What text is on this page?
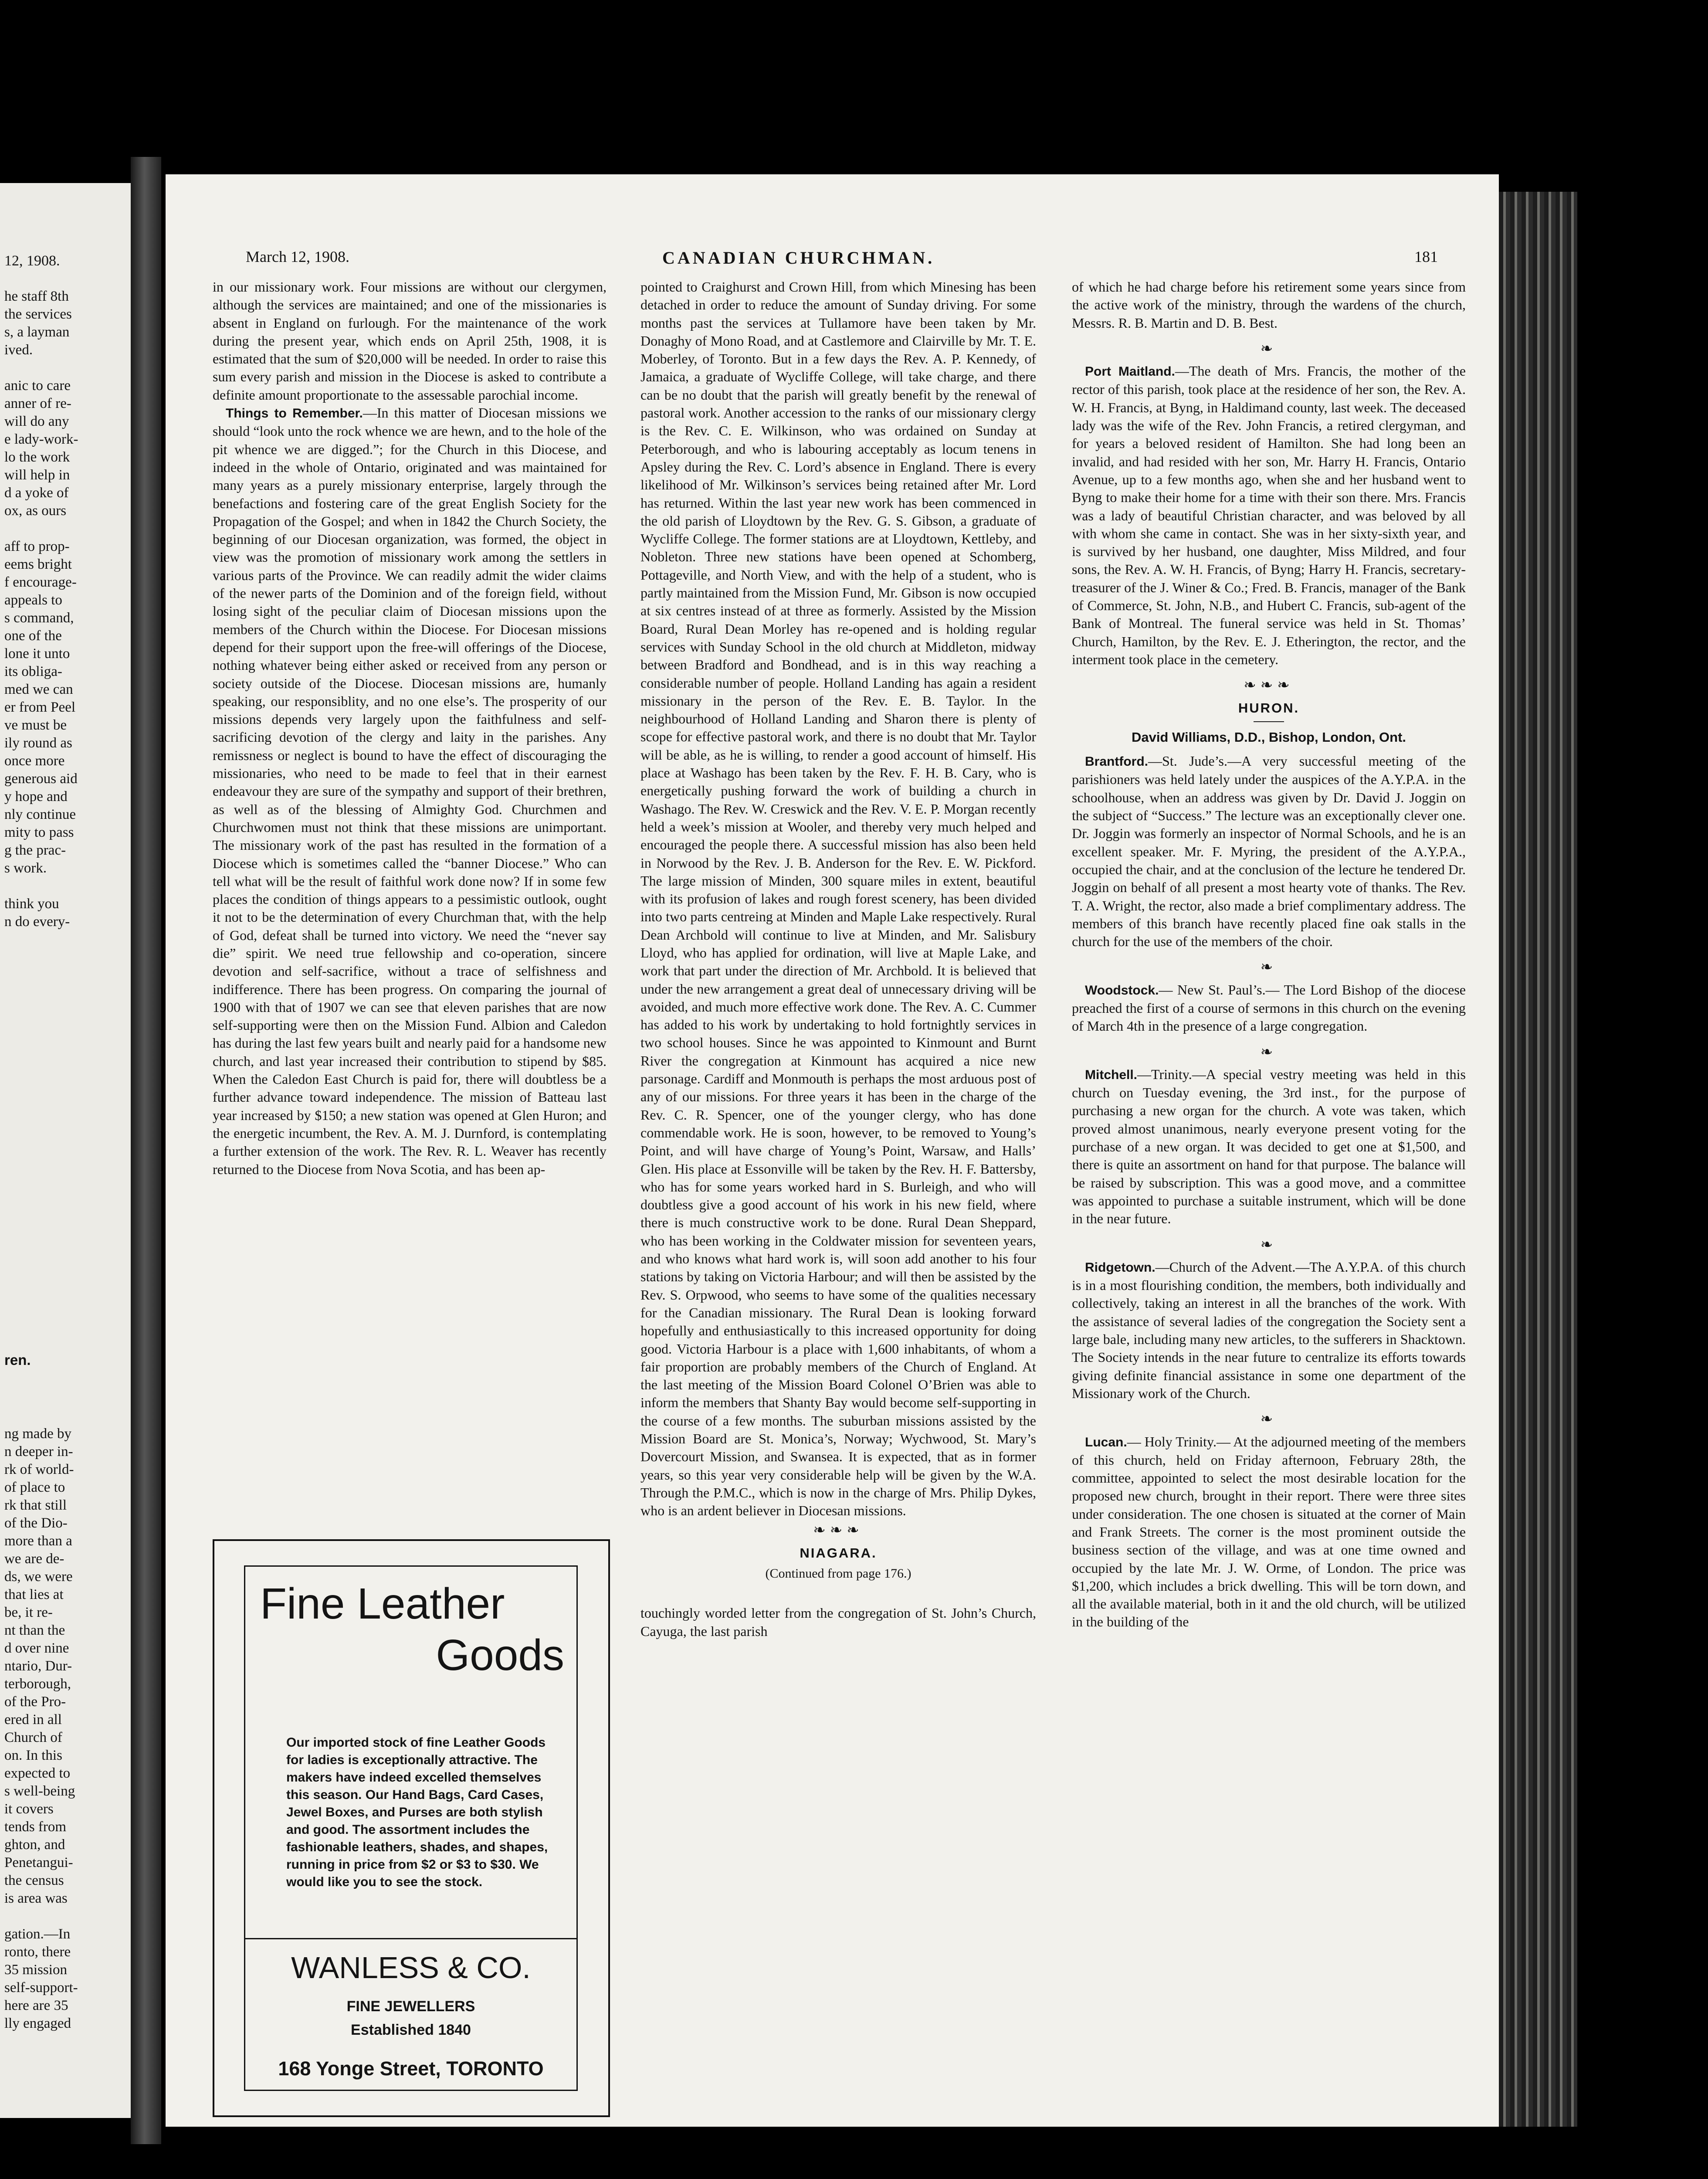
12, 1908.
he staff 8th
the services
s, a layman
ived.

anic to care
anner of re-
will do any
e lady-work-
lo the work
will help in
d a yoke of
ox, as ours

aff to prop-
eems bright
f encourage-
appeals to
s command,
one of the
lone it unto
its obliga-
med we can
er from Peel
ve must be
ily round as
once more
generous aid
y hope and
nly continue
mity to pass
g the prac-
s work.

think you
n do every-
ren.
ng made by
n deeper in-
rk of world-
of place to
rk that still
of the Dio-
more than a
we are de-
ds, we were
that lies at
be, it re-
nt than the
d over nine
ntario, Dur-
terborough,
of the Pro-
ered in all
Church of
on. In this
expected to
s well-being
it covers
tends from
ghton, and
Penetangui-
the census
is area was

gation.—In
ronto, there
35 mission
self-support-
here are 35
lly engaged
March 12, 1908.	CANADIAN CHURCHMAN.	181

in our missionary work. Four missions are without our clergymen, although the services are maintained; and one of the missionaries is absent in England on furlough. For the maintenance of the work during the present year, which ends on April 25th, 1908, it is estimated that the sum of $20,000 will be needed. In order to raise this sum every parish and mission in the Diocese is asked to contribute a definite amount proportionate to the assessable parochial income.

Things to Remember.—In this matter of Diocesan missions we should “look unto the rock whence we are hewn, and to the hole of the pit whence we are digged.”; for the Church in this Diocese, and indeed in the whole of Ontario, originated and was maintained for many years as a purely missionary enterprise, largely through the benefactions and fostering care of the great English Society for the Propagation of the Gospel; and when in 1842 the Church Society, the beginning of our Diocesan organization, was formed, the object in view was the promotion of missionary work among the settlers in various parts of the Province. We can readily admit the wider claims of the newer parts of the Dominion and of the foreign field, without losing sight of the peculiar claim of Diocesan missions upon the members of the Church within the Diocese. For Diocesan missions depend for their support upon the free-will offerings of the Diocese, nothing whatever being either asked or received from any person or society outside of the Diocese. Diocesan missions are, humanly speaking, our responsiblity, and no one else’s. The prosperity of our missions depends very largely upon the faithfulness and self-sacrificing devotion of the clergy and laity in the parishes. Any remissness or neglect is bound to have the effect of discouraging the missionaries, who need to be made to feel that in their earnest endeavour they are sure of the sympathy and support of their brethren, as well as of the blessing of Almighty God. Churchmen and Churchwomen must not think that these missions are unimportant. The missionary work of the past has resulted in the formation of a Diocese which is sometimes called the “banner Diocese.” Who can tell what will be the result of faithful work done now? If in some few places the condition of things appears to a pessimistic outlook, ought it not to be the determination of every Churchman that, with the help of God, defeat shall be turned into victory. We need the “never say die” spirit. We need true fellowship and co-operation, sincere devotion and self-sacrifice, without a trace of selfishness and indifference. There has been progress. On comparing the journal of 1900 with that of 1907 we can see that eleven parishes that are now self-supporting were then on the Mission Fund. Albion and Caledon has during the last few years built and nearly paid for a handsome new church, and last year increased their contribution to stipend by $85. When the Caledon East Church is paid for, there will doubtless be a further advance toward independence. The mission of Batteau last year increased by $150; a new station was opened at Glen Huron; and the energetic incumbent, the Rev. A. M. J. Durnford, is contemplating a further extension of the work. The Rev. R. L. Weaver has recently returned to the Diocese from Nova Scotia, and has been ap-

Fine Leather
Goods
Our imported stock of fine Leather Goods for ladies is exceptionally attractive. The makers have indeed excelled themselves this season. Our Hand Bags, Card Cases, Jewel Boxes, and Purses are both stylish and good. The assortment includes the fashionable leathers, shades, and shapes, running in price from $2 or $3 to $30. We would like you to see the stock.
WANLESS & CO.
FINE JEWELLERS
Established 1840
168 Yonge Street, TORONTO

pointed to Craighurst and Crown Hill, from which Minesing has been detached in order to reduce the amount of Sunday driving. For some months past the services at Tullamore have been taken by Mr. Donaghy of Mono Road, and at Castlemore and Clairville by Mr. T. E. Moberley, of Toronto. But in a few days the Rev. A. P. Kennedy, of Jamaica, a graduate of Wycliffe College, will take charge, and there can be no doubt that the parish will greatly benefit by the renewal of pastoral work. Another accession to the ranks of our missionary clergy is the Rev. C. E. Wilkinson, who was ordained on Sunday at Peterborough, and who is labouring acceptably as locum tenens in Apsley during the Rev. C. Lord’s absence in England. There is every likelihood of Mr. Wilkinson’s services being retained after Mr. Lord has returned. Within the last year new work has been commenced in the old parish of Lloydtown by the Rev. G. S. Gibson, a graduate of Wycliffe College. The former stations are at Lloydtown, Kettleby, and Nobleton. Three new stations have been opened at Schomberg, Pottageville, and North View, and with the help of a student, who is partly maintained from the Mission Fund, Mr. Gibson is now occupied at six centres instead of at three as formerly. Assisted by the Mission Board, Rural Dean Morley has re-opened and is holding regular services with Sunday School in the old church at Middleton, midway between Bradford and Bondhead, and is in this way reaching a considerable number of people. Holland Landing has again a resident missionary in the person of the Rev. E. B. Taylor. In the neighbourhood of Holland Landing and Sharon there is plenty of scope for effective pastoral work, and there is no doubt that Mr. Taylor will be able, as he is willing, to render a good account of himself. His place at Washago has been taken by the Rev. F. H. B. Cary, who is energetically pushing forward the work of building a church in Washago. The Rev. W. Creswick and the Rev. V. E. P. Morgan recently held a week’s mission at Wooler, and thereby very much helped and encouraged the people there. A successful mission has also been held in Norwood by the Rev. J. B. Anderson for the Rev. E. W. Pickford. The large mission of Minden, 300 square miles in extent, beautiful with its profusion of lakes and rough forest scenery, has been divided into two parts centreing at Minden and Maple Lake respectively. Rural Dean Archbold will continue to live at Minden, and Mr. Salisbury Lloyd, who has applied for ordination, will live at Maple Lake, and work that part under the direction of Mr. Archbold. It is believed that under the new arrangement a great deal of unnecessary driving will be avoided, and much more effective work done. The Rev. A. C. Cummer has added to his work by undertaking to hold fortnightly services in two school houses. Since he was appointed to Kinmount and Burnt River the congregation at Kinmount has acquired a nice new parsonage. Cardiff and Monmouth is perhaps the most arduous post of any of our missions. For three years it has been in the charge of the Rev. C. R. Spencer, one of the younger clergy, who has done commendable work. He is soon, however, to be removed to Young’s Point, and will have charge of Young’s Point, Warsaw, and Halls’ Glen. His place at Essonville will be taken by the Rev. H. F. Battersby, who has for some years worked hard in S. Burleigh, and who will doubtless give a good account of his work in his new field, where there is much constructive work to be done. Rural Dean Sheppard, who has been working in the Coldwater mission for seventeen years, and who knows what hard work is, will soon add another to his four stations by taking on Victoria Harbour; and will then be assisted by the Rev. S. Orpwood, who seems to have some of the qualities necessary for the Canadian missionary. The Rural Dean is looking forward hopefully and enthusiastically to this increased opportunity for doing good. Victoria Harbour is a place with 1,600 inhabitants, of whom a fair proportion are probably members of the Church of England. At the last meeting of the Mission Board Colonel O’Brien was able to inform the members that Shanty Bay would become self-supporting in the course of a few months. The suburban missions assisted by the Mission Board are St. Monica’s, Norway; Wychwood, St. Mary’s Dovercourt Mission, and Swansea. It is expected, that as in former years, so this year very considerable help will be given by the W.A. Through the P.M.C., which is now in the charge of Mrs. Philip Dykes, who is an ardent believer in Diocesan missions.

❧❧❧
NIAGARA.
(Continued from page 176.)

touchingly worded letter from the congregation of St. John’s Church, Cayuga, the last parish

of which he had charge before his retirement some years since from the active work of the ministry, through the wardens of the church, Messrs. R. B. Martin and D. B. Best.

❧

Port Maitland.—The death of Mrs. Francis, the mother of the rector of this parish, took place at the residence of her son, the Rev. A. W. H. Francis, at Byng, in Haldimand county, last week. The deceased lady was the wife of the Rev. John Francis, a retired clergyman, and for years a beloved resident of Hamilton. She had long been an invalid, and had resided with her son, Mr. Harry H. Francis, Ontario Avenue, up to a few months ago, when she and her husband went to Byng to make their home for a time with their son there. Mrs. Francis was a lady of beautiful Christian character, and was beloved by all with whom she came in contact. She was in her sixty-sixth year, and is survived by her husband, one daughter, Miss Mildred, and four sons, the Rev. A. W. H. Francis, of Byng; Harry H. Francis, secretary-treasurer of the J. Winer & Co.; Fred. B. Francis, manager of the Bank of Commerce, St. John, N.B., and Hubert C. Francis, sub-agent of the Bank of Montreal. The funeral service was held in St. Thomas’ Church, Hamilton, by the Rev. E. J. Etherington, the rector, and the interment took place in the cemetery.

❧❧❧
HURON.
David Williams, D.D., Bishop, London, Ont.

Brantford.—St. Jude’s.—A very successful meeting of the parishioners was held lately under the auspices of the A.Y.P.A. in the schoolhouse, when an address was given by Dr. David J. Joggin on the subject of “Success.” The lecture was an exceptionally clever one. Dr. Joggin was formerly an inspector of Normal Schools, and he is an excellent speaker. Mr. F. Myring, the president of the A.Y.P.A., occupied the chair, and at the conclusion of the lecture he tendered Dr. Joggin on behalf of all present a most hearty vote of thanks. The Rev. T. A. Wright, the rector, also made a brief complimentary address. The members of this branch have recently placed fine oak stalls in the church for the use of the members of the choir.

❧

Woodstock.— New St. Paul’s.— The Lord Bishop of the diocese preached the first of a course of sermons in this church on the evening of March 4th in the presence of a large congregation.

❧

Mitchell.—Trinity.—A special vestry meeting was held in this church on Tuesday evening, the 3rd inst., for the purpose of purchasing a new organ for the church. A vote was taken, which proved almost unanimous, nearly everyone present voting for the purchase of a new organ. It was decided to get one at $1,500, and there is quite an assortment on hand for that purpose. The balance will be raised by subscription. This was a good move, and a committee was appointed to purchase a suitable instrument, which will be done in the near future.

❧

Ridgetown.—Church of the Advent.—The A.Y.P.A. of this church is in a most flourishing condition, the members, both individually and collectively, taking an interest in all the branches of the work. With the assistance of several ladies of the congregation the Society sent a large bale, including many new articles, to the sufferers in Shacktown. The Society intends in the near future to centralize its efforts towards giving definite financial assistance in some one department of the Missionary work of the Church.

❧

Lucan.— Holy Trinity.— At the adjourned meeting of the members of this church, held on Friday afternoon, February 28th, the committee, appointed to select the most desirable location for the proposed new church, brought in their report. There were three sites under consideration. The one chosen is situated at the corner of Main and Frank Streets. The corner is the most prominent outside the business section of the village, and was at one time owned and occupied by the late Mr. J. W. Orme, of London. The price was $1,200, which includes a brick dwelling. This will be torn down, and all the available material, both in it and the old church, will be utilized in the building of the
